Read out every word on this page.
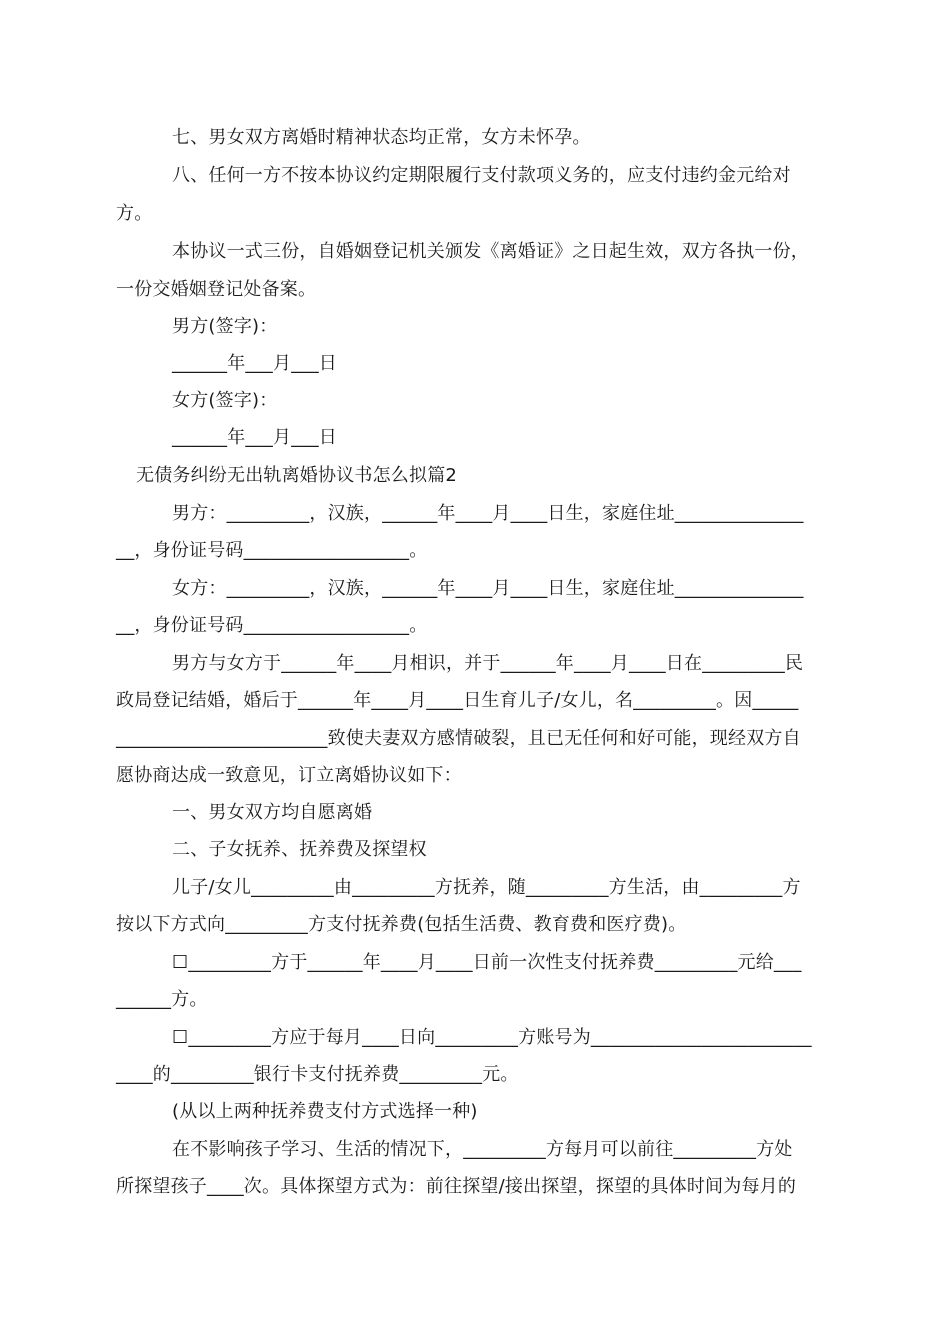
七、男女双方离婚时精神状态均正常，女方未怀孕。
八、任何一方不按本协议约定期限履行支付款项义务的，应支付违约金元给对
方。
本协议一式三份，自婚姻登记机关颁发《离婚证》之日起生效，双方各执一份，
一份交婚姻登记处备案。
男方(签字)：
______年___月___日
女方(签字)：
______年___月___日
无债务纠纷无出轨离婚协议书怎么拟篇2
男方：_________，汉族，______年____月____日生，家庭住址______________
__，身份证号码__________________。
女方：_________，汉族，______年____月____日生，家庭住址______________
__，身份证号码__________________。
男方与女方于______年____月相识，并于______年____月____日在_________民
政局登记结婚，婚后于______年____月____日生育儿子/女儿，名_________。因_____
_______________________致使夫妻双方感情破裂，且已无任何和好可能，现经双方自
愿协商达成一致意见，订立离婚协议如下：
一、男女双方均自愿离婚
二、子女抚养、抚养费及探望权
儿子/女儿_________由_________方抚养，随_________方生活，由_________方
按以下方式向_________方支付抚养费(包括生活费、教育费和医疗费)。
☐_________方于______年____月____日前一次性支付抚养费_________元给___
______方。
☐_________方应于每月____日向_________方账号为________________________
____的_________银行卡支付抚养费_________元。
(从以上两种抚养费支付方式选择一种)
在不影响孩子学习、生活的情况下，_________方每月可以前往_________方处
所探望孩子____次。具体探望方式为：前往探望/接出探望，探望的具体时间为每月的
